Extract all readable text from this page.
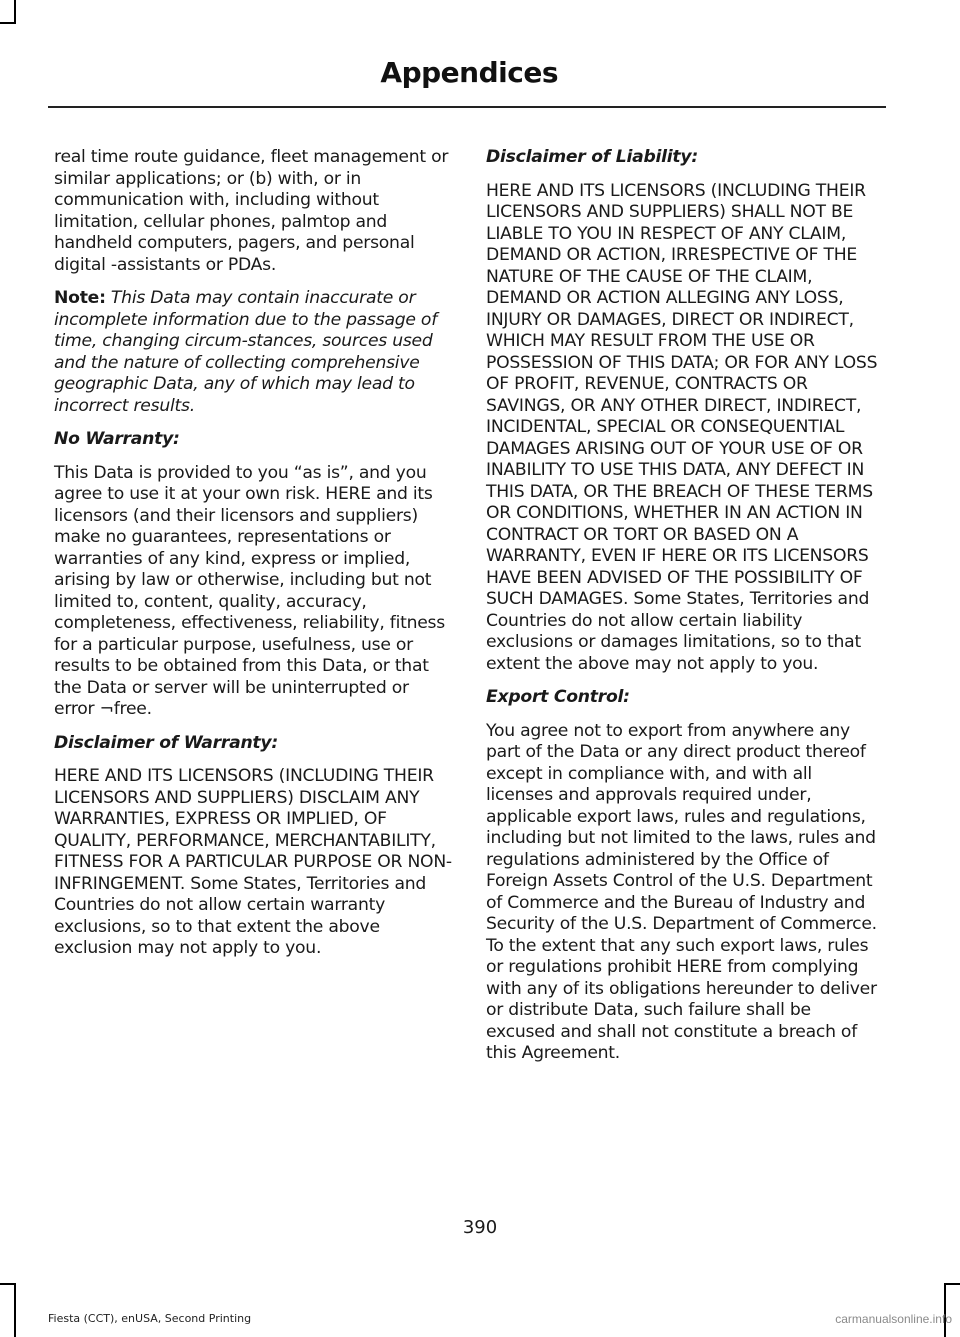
Appendices

real time route guidance, fleet management or similar applications; or (b) with, or in communication with, including without limitation, cellular phones, palmtop and handheld computers, pagers, and personal digital -assistants or PDAs.

Note: This Data may contain inaccurate or incomplete information due to the passage of time, changing circum-stances, sources used and the nature of collecting comprehensive geographic Data, any of which may lead to incorrect results.

No Warranty:

This Data is provided to you “as is”, and you agree to use it at your own risk. HERE and its licensors (and their licensors and suppliers) make no guarantees, representations or warranties of any kind, express or implied, arising by law or otherwise, including but not limited to, content, quality, accuracy, completeness, effectiveness, reliability, fitness for a particular purpose, usefulness, use or results to be obtained from this Data, or that the Data or server will be uninterrupted or error ¬free.

Disclaimer of Warranty:

HERE AND ITS LICENSORS (INCLUDING THEIR LICENSORS AND SUPPLIERS) DISCLAIM ANY WARRANTIES, EXPRESS OR IMPLIED, OF QUALITY, PERFORMANCE, MERCHANTABILITY, FITNESS FOR A PARTICULAR PURPOSE OR NON-INFRINGEMENT. Some States, Territories and Countries do not allow certain warranty exclusions, so to that extent the above exclusion may not apply to you.

Disclaimer of Liability:

HERE AND ITS LICENSORS (INCLUDING THEIR LICENSORS AND SUPPLIERS) SHALL NOT BE LIABLE TO YOU IN RESPECT OF ANY CLAIM, DEMAND OR ACTION, IRRESPECTIVE OF THE NATURE OF THE CAUSE OF THE CLAIM, DEMAND OR ACTION ALLEGING ANY LOSS, INJURY OR DAMAGES, DIRECT OR INDIRECT, WHICH MAY RESULT FROM THE USE OR POSSESSION OF THIS DATA; OR FOR ANY LOSS OF PROFIT, REVENUE, CONTRACTS OR SAVINGS, OR ANY OTHER DIRECT, INDIRECT, INCIDENTAL, SPECIAL OR CONSEQUENTIAL DAMAGES ARISING OUT OF YOUR USE OF OR INABILITY TO USE THIS DATA, ANY DEFECT IN THIS DATA, OR THE BREACH OF THESE TERMS OR CONDITIONS, WHETHER IN AN ACTION IN CONTRACT OR TORT OR BASED ON A WARRANTY, EVEN IF HERE OR ITS LICENSORS HAVE BEEN ADVISED OF THE POSSIBILITY OF SUCH DAMAGES. Some States, Territories and Countries do not allow certain liability exclusions or damages limitations, so to that extent the above may not apply to you.

Export Control:

You agree not to export from anywhere any part of the Data or any direct product thereof except in compliance with, and with all licenses and approvals required under, applicable export laws, rules and regulations, including but not limited to the laws, rules and regulations administered by the Office of Foreign Assets Control of the U.S. Department of Commerce and the Bureau of Industry and Security of the U.S. Department of Commerce. To the extent that any such export laws, rules or regulations prohibit HERE from complying with any of its obligations hereunder to deliver or distribute Data, such failure shall be excused and shall not constitute a breach of this Agreement.

390
Fiesta (CCT), enUSA, Second Printing	carmanualsonline.info
